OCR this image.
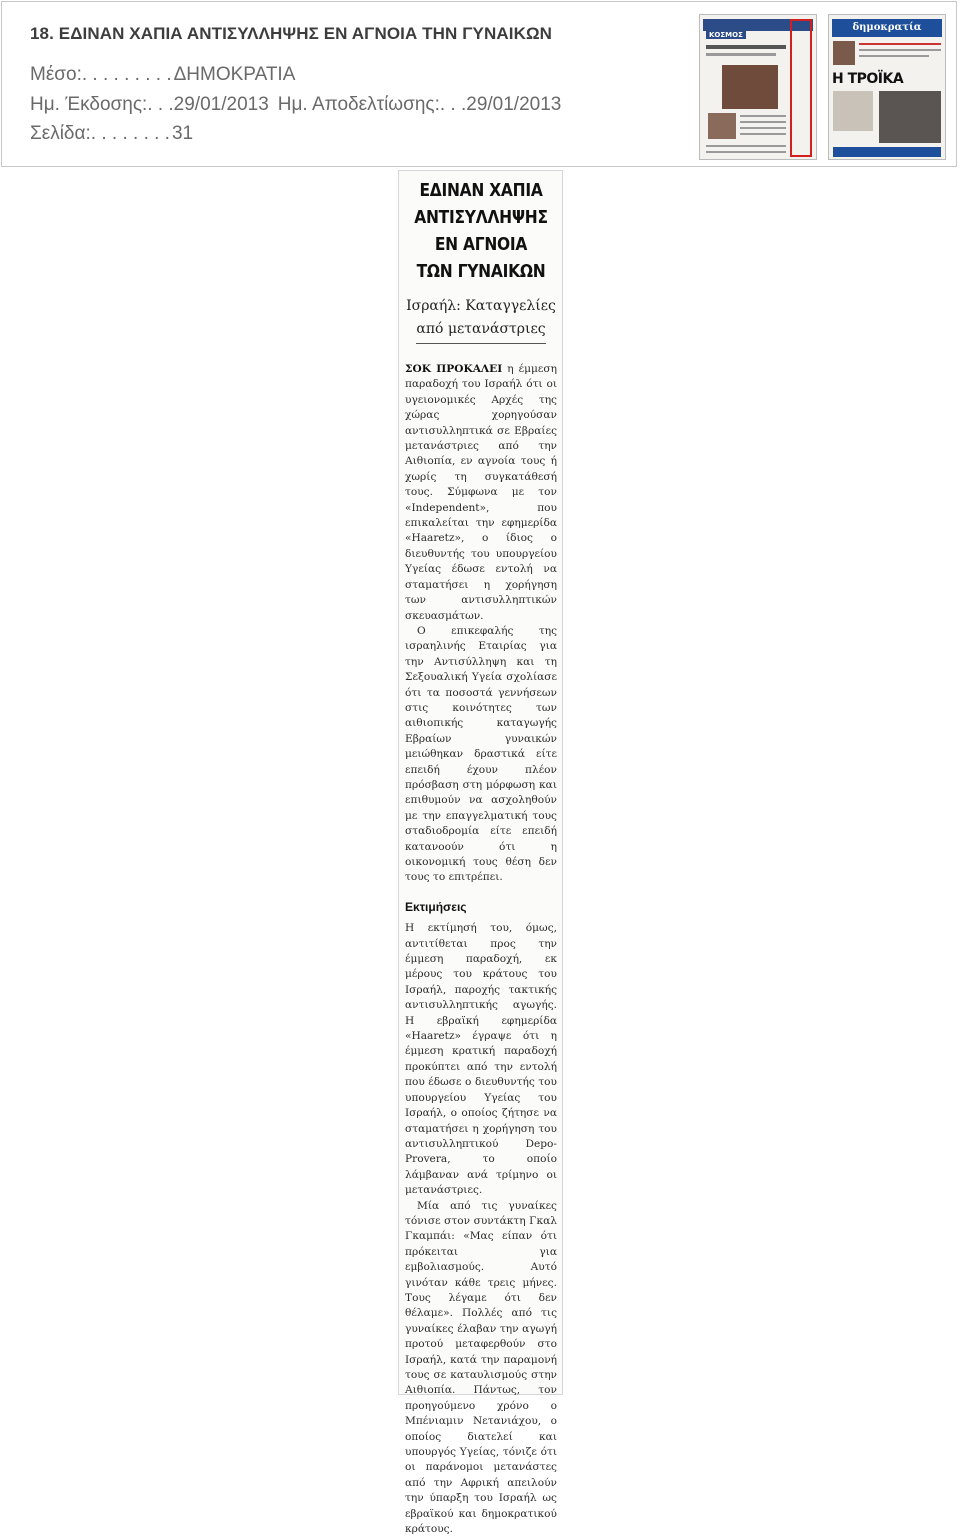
18. ΕΔΙΝΑΝ ΧΑΠΙΑ ΑΝΤΙΣΥΛΛΗΨΗΣ ΕΝ ΑΓΝΟΙΑ ΤΗΝ ΓΥΝΑΙΚΩΝ
Μέσο:. . . . . . . . . ΔΗΜΟΚΡΑΤΙΑ
Ημ. Έκδοσης:. . .29/01/2013 Ημ. Αποδελτίωσης:. . .29/01/2013
Σελίδα:. . . . . . . . 31
ΚΟΣΜΟΣ
δημοκρατία
Η ΤΡΟΪΚΑ
ΕΔΙΝΑΝ ΧΑΠΙΑ
ΑΝΤΙΣΥΛΛΗΨΗΣ
ΕΝ ΑΓΝΟΙΑ
ΤΩΝ ΓΥΝΑΙΚΩΝ
Ισραήλ: Καταγγελίες
από μετανάστριες

ΣΟΚ ΠΡΟΚΑΛΕΙ η έμμεση παραδοχή του Ισραήλ ότι οι υγειονομικές Αρχές της χώρας χορηγούσαν αντισυλληπτικά σε Εβραίες μετανάστριες από την Αιθιοπία, εν αγνοία τους ή χωρίς τη συγκατάθεσή τους. Σύμφωνα με τον «Independent», που επικαλείται την εφημερίδα «Haaretz», ο ίδιος ο διευθυντής του υπουργείου Υγείας έδωσε εντολή να σταματήσει η χορήγηση των αντισυλληπτικών σκευασμάτων.

Ο επικεφαλής της ισραηλινής Εταιρίας για την Αντισύλληψη και τη Σεξουαλική Υγεία σχολίασε ότι τα ποσοστά γεννήσεων στις κοινότητες των αιθιοπικής καταγωγής Εβραίων γυναικών μειώθηκαν δραστικά είτε επειδή έχουν πλέον πρόσβαση στη μόρφωση και επιθυμούν να ασχοληθούν με την επαγγελματική τους σταδιοδρομία είτε επειδή κατανοούν ότι η οικονομική τους θέση δεν τους το επιτρέπει.

Εκτιμήσεις

Η εκτίμησή του, όμως, αντιτίθεται προς την έμμεση παραδοχή, εκ μέρους του κράτους του Ισραήλ, παροχής τακτικής αντισυλληπτικής αγωγής. Η εβραϊκή εφημερίδα «Haaretz» έγραψε ότι η έμμεση κρατική παραδοχή προκύπτει από την εντολή που έδωσε ο διευθυντής του υπουργείου Υγείας του Ισραήλ, ο οποίος ζήτησε να σταματήσει η χορήγηση του αντισυλληπτικού Depo-Provera, το οποίο λάμβαναν ανά τρίμηνο οι μετανάστριες.

Μία από τις γυναίκες τόνισε στον συντάκτη Γκαλ Γκαμπάι: «Μας είπαν ότι πρόκειται για εμβολιασμούς. Αυτό γινόταν κάθε τρεις μήνες. Τους λέγαμε ότι δεν θέλαμε». Πολλές από τις γυναίκες έλαβαν την αγωγή προτού μεταφερθούν στο Ισραήλ, κατά την παραμονή τους σε καταυλισμούς στην Αιθιοπία. Πάντως, τον προηγούμενο χρόνο ο Μπένιαμιν Νετανιάχου, ο οποίος διατελεί και υπουργός Υγείας, τόνιζε ότι οι παράνομοι μετανάστες από την Αφρική απειλούν την ύπαρξη του Ισραήλ ως εβραϊκού και δημοκρατικού κράτους.
